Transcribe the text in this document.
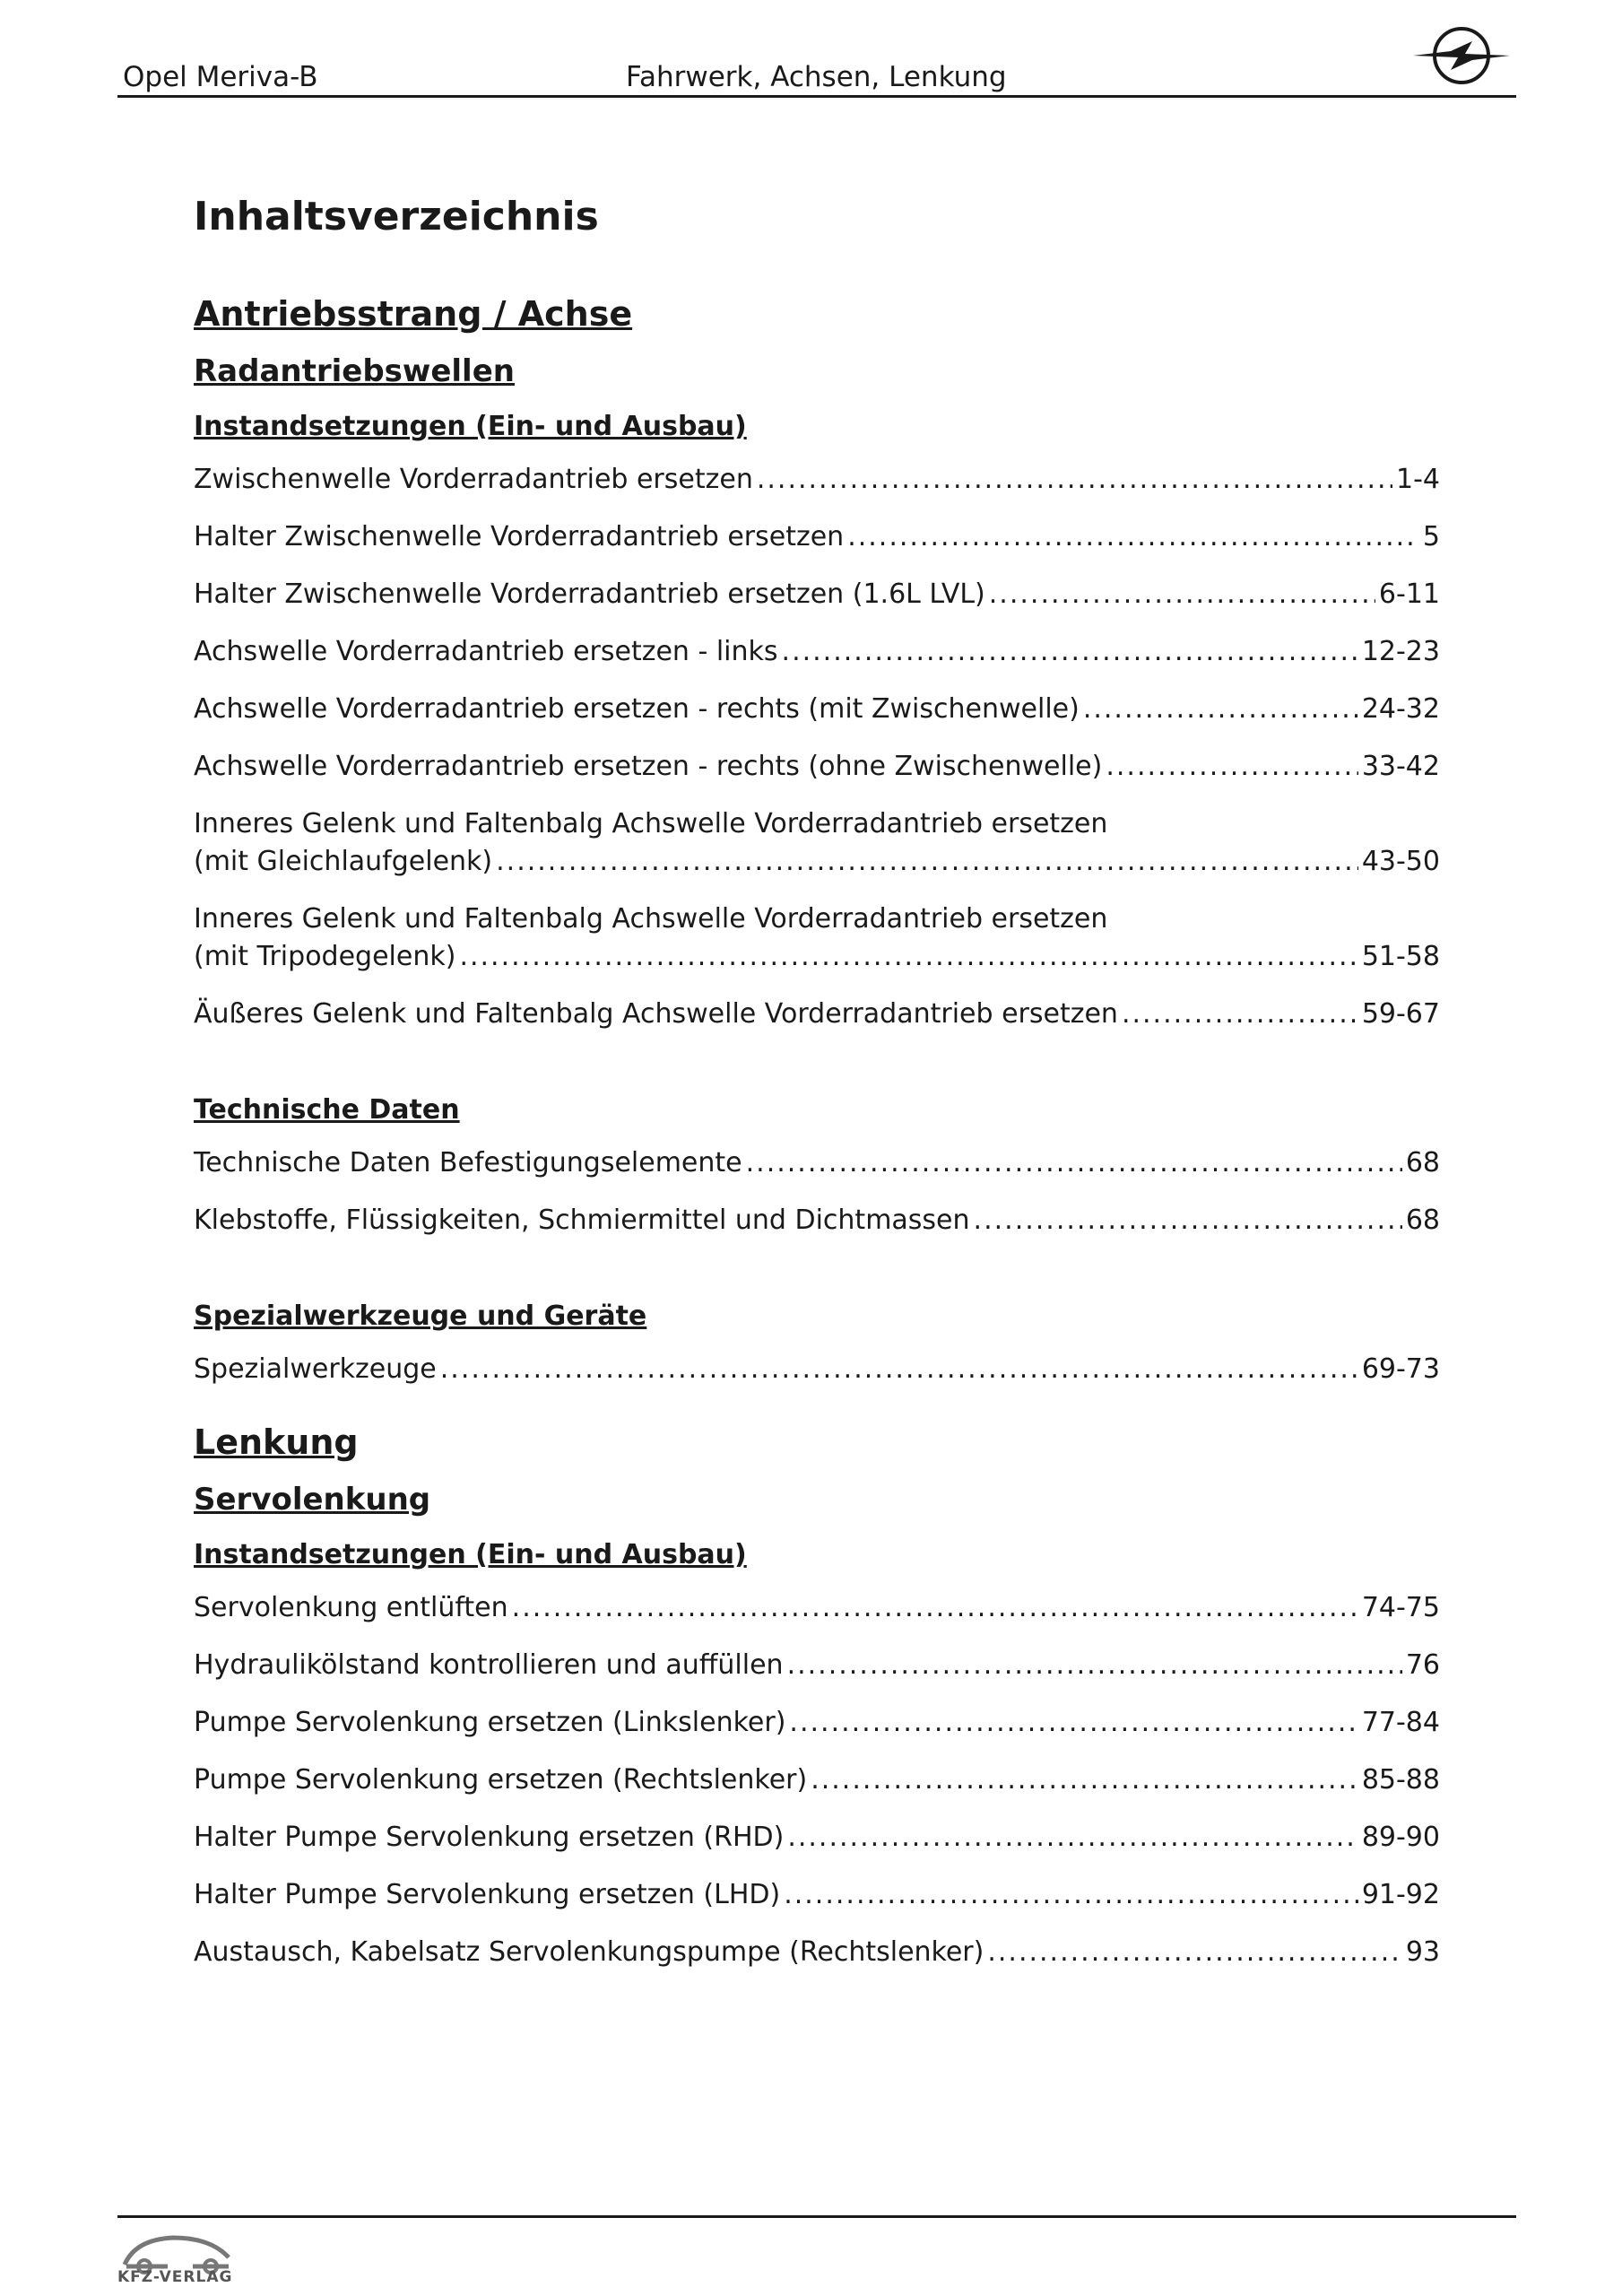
Opel Meriva-B	Fahrwerk, Achsen, Lenkung
Inhaltsverzeichnis
Antriebsstrang / Achse
Radantriebswellen
Instandsetzungen (Ein- und Ausbau)
Zwischenwelle Vorderradantrieb ersetzen .....	1-4
Halter Zwischenwelle Vorderradantrieb ersetzen .....	5
Halter Zwischenwelle Vorderradantrieb ersetzen (1.6L LVL) .....	6-11
Achswelle Vorderradantrieb ersetzen - links .....	12-23
Achswelle Vorderradantrieb ersetzen - rechts (mit Zwischenwelle) .....	24-32
Achswelle Vorderradantrieb ersetzen - rechts (ohne Zwischenwelle) .....	33-42
Inneres Gelenk und Faltenbalg Achswelle Vorderradantrieb ersetzen
(mit Gleichlaufgelenk) .....	43-50
Inneres Gelenk und Faltenbalg Achswelle Vorderradantrieb ersetzen
(mit Tripodegelenk) .....	51-58
Äußeres Gelenk und Faltenbalg Achswelle Vorderradantrieb ersetzen .....	59-67
Technische Daten
Technische Daten Befestigungselemente .....	68
Klebstoffe, Flüssigkeiten, Schmiermittel und Dichtmassen .....	68
Spezialwerkzeuge und Geräte
Spezialwerkzeuge .....	69-73
Lenkung
Servolenkung
Instandsetzungen (Ein- und Ausbau)
Servolenkung entlüften .....	74-75
Hydraulikölstand kontrollieren und auffüllen .....	76
Pumpe Servolenkung ersetzen (Linkslenker) .....	77-84
Pumpe Servolenkung ersetzen (Rechtslenker) .....	85-88
Halter Pumpe Servolenkung ersetzen (RHD) .....	89-90
Halter Pumpe Servolenkung ersetzen (LHD) .....	91-92
Austausch, Kabelsatz Servolenkungspumpe (Rechtslenker) .....	93
KFZ-VERLAG
